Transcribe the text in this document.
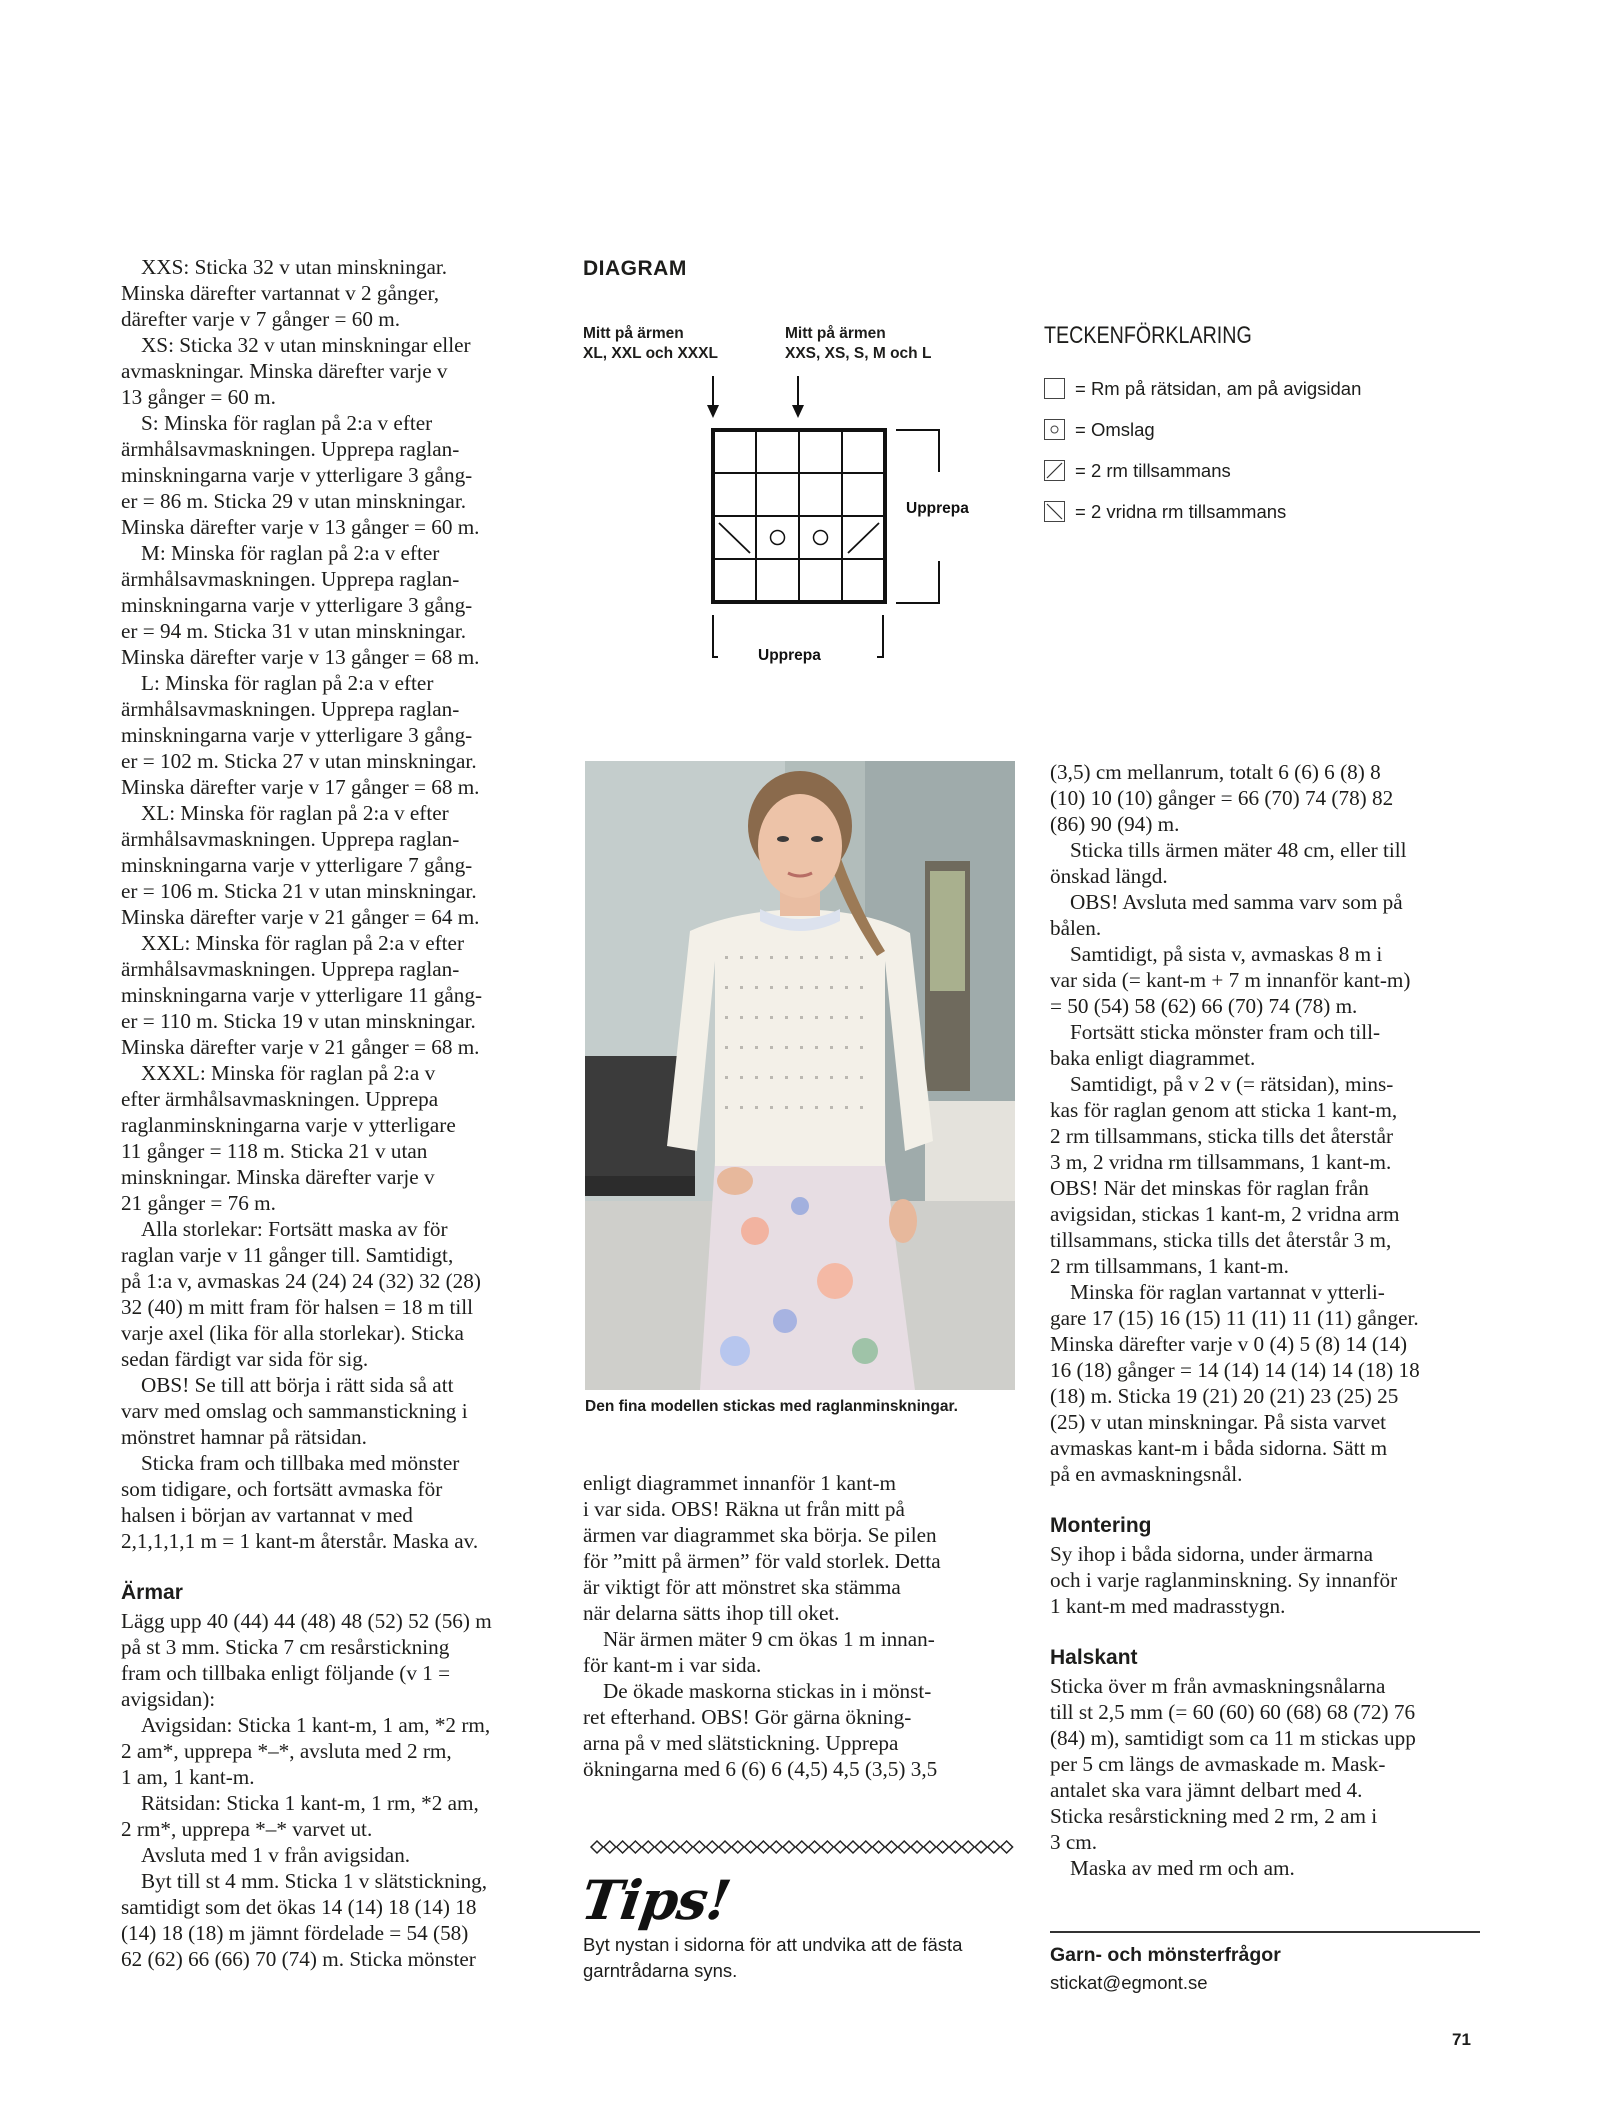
XXS: Sticka 32 v utan minskningar.
Minska därefter vartannat v 2 gånger,
därefter varje v 7 gånger = 60 m.

XS: Sticka 32 v utan minskningar eller
avmaskningar. Minska därefter varje v
13 gånger = 60 m.

S: Minska för raglan på 2:a v efter
ärmhålsavmaskningen. Upprepa raglan-
minskningarna varje v ytterligare 3 gång-
er = 86 m. Sticka 29 v utan minskningar.
Minska därefter varje v 13 gånger = 60 m.

M: Minska för raglan på 2:a v efter
ärmhålsavmaskningen. Upprepa raglan-
minskningarna varje v ytterligare 3 gång-
er = 94 m. Sticka 31 v utan minskningar.
Minska därefter varje v 13 gånger = 68 m.

L: Minska för raglan på 2:a v efter
ärmhålsavmaskningen. Upprepa raglan-
minskningarna varje v ytterligare 3 gång-
er = 102 m. Sticka 27 v utan minskningar.
Minska därefter varje v 17 gånger = 68 m.

XL: Minska för raglan på 2:a v efter
ärmhålsavmaskningen. Upprepa raglan-
minskningarna varje v ytterligare 7 gång-
er = 106 m. Sticka 21 v utan minskningar.
Minska därefter varje v 21 gånger = 64 m.

XXL: Minska för raglan på 2:a v efter
ärmhålsavmaskningen. Upprepa raglan-
minskningarna varje v ytterligare 11 gång-
er = 110 m. Sticka 19 v utan minskningar.
Minska därefter varje v 21 gånger = 68 m.

XXXL: Minska för raglan på 2:a v
efter ärmhålsavmaskningen. Upprepa
raglanminskningarna varje v ytterligare
11 gånger = 118 m. Sticka 21 v utan
minskningar. Minska därefter varje v
21 gånger = 76 m.

Alla storlekar: Fortsätt maska av för
raglan varje v 11 gånger till. Samtidigt,
på 1:a v, avmaskas 24 (24) 24 (32) 32 (28)
32 (40) m mitt fram för halsen = 18 m till
varje axel (lika för alla storlekar). Sticka
sedan färdigt var sida för sig.

OBS! Se till att börja i rätt sida så att
varv med omslag och sammanstickning i
mönstret hamnar på rätsidan.

Sticka fram och tillbaka med mönster
som tidigare, och fortsätt avmaska för
halsen i början av vartannat v med
2,1,1,1,1 m = 1 kant-m återstår. Maska av.

Ärmar

Lägg upp 40 (44) 44 (48) 48 (52) 52 (56) m
på st 3 mm. Sticka 7 cm resårstickning
fram och tillbaka enligt följande (v 1 =
avigsidan):

Avigsidan: Sticka 1 kant-m, 1 am, *2 rm,
2 am*, upprepa *–*, avsluta med 2 rm,
1 am, 1 kant-m.

Rätsidan: Sticka 1 kant-m, 1 rm, *2 am,
2 rm*, upprepa *–* varvet ut.

Avsluta med 1 v från avigsidan.

Byt till st 4 mm. Sticka 1 v slätstickning,
samtidigt som det ökas 14 (14) 18 (14) 18
(14) 18 (18) m jämnt fördelade = 54 (58)
62 (62) 66 (66) 70 (74) m. Sticka mönster

DIAGRAM
Mitt på ärmen
XL, XXL och XXXL
Mitt på ärmen
XXS, XS, S, M och L
Upprepa
Upprepa
TECKENFÖRKLARING
= Rm på rätsidan, am på avigsidan
= Omslag
= 2 rm tillsammans
= 2 vridna rm tillsammans
Den fina modellen stickas med raglanminskningar.

enligt diagrammet innanför 1 kant-m
i var sida. OBS! Räkna ut från mitt på
ärmen var diagrammet ska börja. Se pilen
för ”mitt på ärmen” för vald storlek. Detta
är viktigt för att mönstret ska stämma
när delarna sätts ihop till oket.

När ärmen mäter 9 cm ökas 1 m innan-
för kant-m i var sida.

De ökade maskorna stickas in i mönst-
ret efterhand. OBS! Gör gärna ökning-
arna på v med slätstickning. Upprepa
ökningarna med 6 (6) 6 (4,5) 4,5 (3,5) 3,5

Tips!
Byt nystan i sidorna för att undvika att de fästa
garntrådarna syns.

(3,5) cm mellanrum, totalt 6 (6) 6 (8) 8
(10) 10 (10) gånger = 66 (70) 74 (78) 82
(86) 90 (94) m.

Sticka tills ärmen mäter 48 cm, eller till
önskad längd.

OBS! Avsluta med samma varv som på
bålen.

Samtidigt, på sista v, avmaskas 8 m i
var sida (= kant-m + 7 m innanför kant-m)
= 50 (54) 58 (62) 66 (70) 74 (78) m.

Fortsätt sticka mönster fram och till-
baka enligt diagrammet.

Samtidigt, på v 2 v (= rätsidan), mins-
kas för raglan genom att sticka 1 kant-m,
2 rm tillsammans, sticka tills det återstår
3 m, 2 vridna rm tillsammans, 1 kant-m.
OBS! När det minskas för raglan från
avigsidan, stickas 1 kant-m, 2 vridna arm
tillsammans, sticka tills det återstår 3 m,
2 rm tillsammans, 1 kant-m.

Minska för raglan vartannat v ytterli-
gare 17 (15) 16 (15) 11 (11) 11 (11) gånger.
Minska därefter varje v 0 (4) 5 (8) 14 (14)
16 (18) gånger = 14 (14) 14 (14) 14 (18) 18
(18) m. Sticka 19 (21) 20 (21) 23 (25) 25
(25) v utan minskningar. På sista varvet
avmaskas kant-m i båda sidorna. Sätt m
på en avmaskningsnål.

Montering

Sy ihop i båda sidorna, under ärmarna
och i varje raglanminskning. Sy innanför
1 kant-m med madrasstygn.

Halskant

Sticka över m från avmaskningsnålarna
till st 2,5 mm (= 60 (60) 60 (68) 68 (72) 76
(84) m), samtidigt som ca 11 m stickas upp
per 5 cm längs de avmaskade m. Mask-
antalet ska vara jämnt delbart med 4.
Sticka resårstickning med 2 rm, 2 am i
3 cm.

Maska av med rm och am.

Garn- och mönsterfrågor
stickat@egmont.se
71
